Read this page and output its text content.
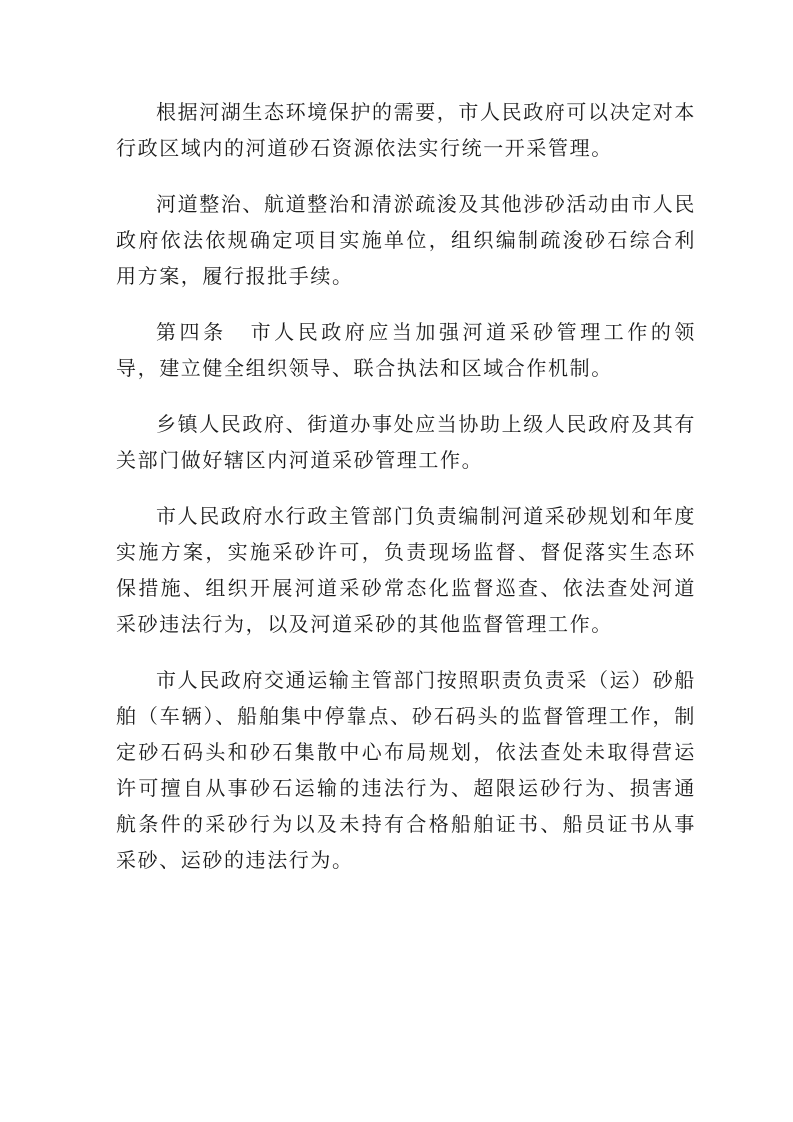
根据河湖生态环境保护的需要，市人民政府可以决定对本行政区域内的河道砂石资源依法实行统一开采管理。

河道整治、航道整治和清淤疏浚及其他涉砂活动由市人民政府依法依规确定项目实施单位，组织编制疏浚砂石综合利用方案，履行报批手续。

第四条 市人民政府应当加强河道采砂管理工作的领导，建立健全组织领导、联合执法和区域合作机制。

乡镇人民政府、街道办事处应当协助上级人民政府及其有关部门做好辖区内河道采砂管理工作。

市人民政府水行政主管部门负责编制河道采砂规划和年度实施方案，实施采砂许可，负责现场监督、督促落实生态环保措施、组织开展河道采砂常态化监督巡查、依法查处河道采砂违法行为，以及河道采砂的其他监督管理工作。

市人民政府交通运输主管部门按照职责负责采（运）砂船舶（车辆）、船舶集中停靠点、砂石码头的监督管理工作，制定砂石码头和砂石集散中心布局规划，依法查处未取得营运许可擅自从事砂石运输的违法行为、超限运砂行为、损害通航条件的采砂行为以及未持有合格船舶证书、船员证书从事采砂、运砂的违法行为。
